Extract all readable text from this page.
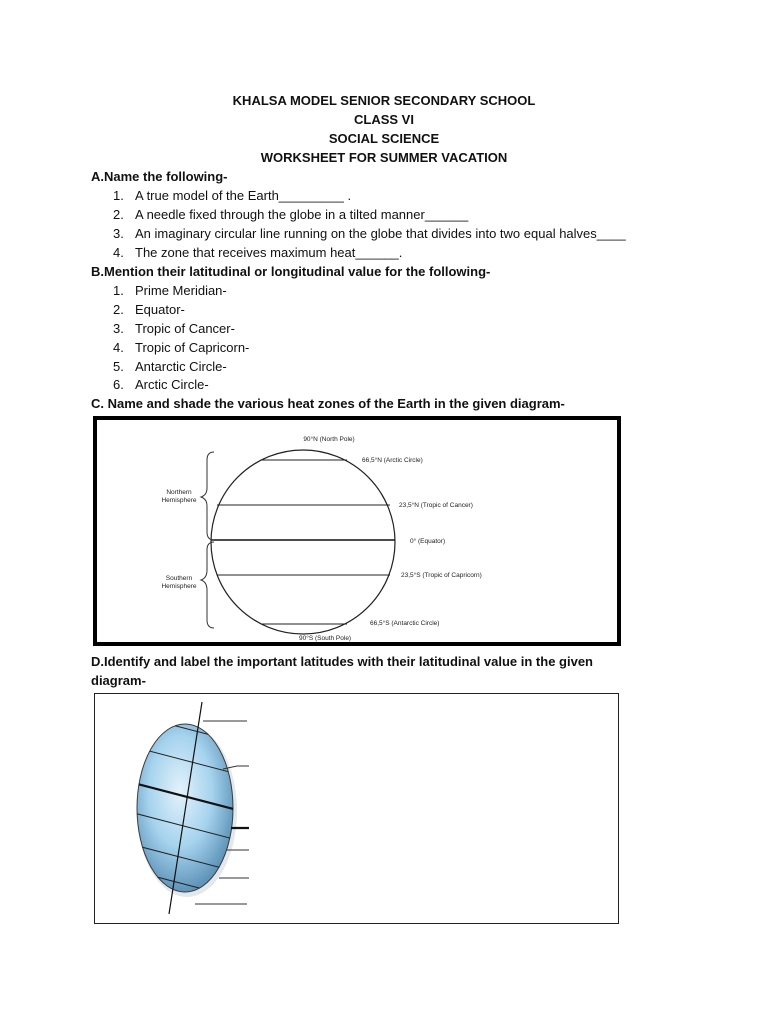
KHALSA MODEL SENIOR SECONDARY SCHOOL
CLASS VI
SOCIAL SCIENCE
WORKSHEET FOR SUMMER VACATION
A.Name the following-
1. A true model of the Earth_________ .
2. A needle fixed through the globe in a tilted manner______
3. An imaginary circular line running on the globe that divides into two equal halves____
4. The zone that receives maximum heat______.
B.Mention their latitudinal or longitudinal value for the following-
1. Prime Meridian-
2. Equator-
3. Tropic of Cancer-
4. Tropic of Capricorn-
5. Antarctic Circle-
6. Arctic Circle-
C. Name and shade the various heat zones of the Earth in the given diagram-
90°N (North Pole)
66,5°N (Arctic Circle)
23,5°N (Tropic of Cancer)
0° (Equator)
23,5°S (Tropic of Capricorn)
66,5°S (Antarctic Circle)
90°S (South Pole)
Northern
Hemisphere
Southern
Hemisphere
D.Identify and label the important latitudes with their latitudinal value in the given
diagram-
